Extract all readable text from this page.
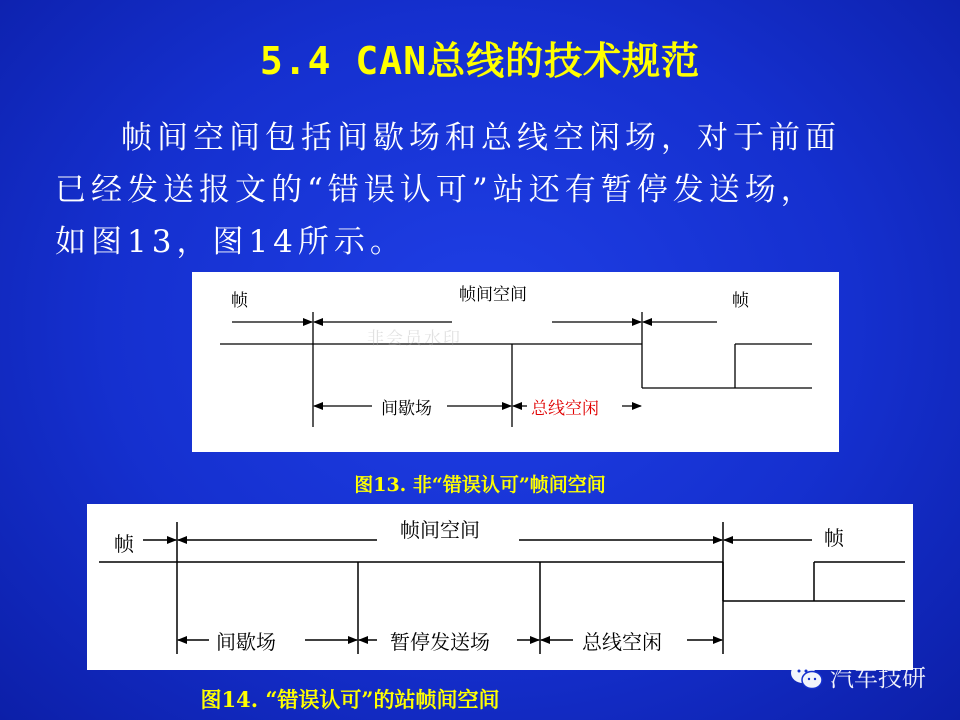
5.4 CAN总线的技术规范
帧间空间包括间歇场和总线空闲场，对于前面
已经发送报文的“错误认可”站还有暂停发送场，
如图13，图14所示。
非会员水印
帧	帧间空间	帧
间歇场	总线空闲
图13. 非“错误认可”帧间空间
帧
帧间空间	帧
间歇场	暂停发送场	总线空闲
图14. “错误认可”的站帧间空间
汽车技研
